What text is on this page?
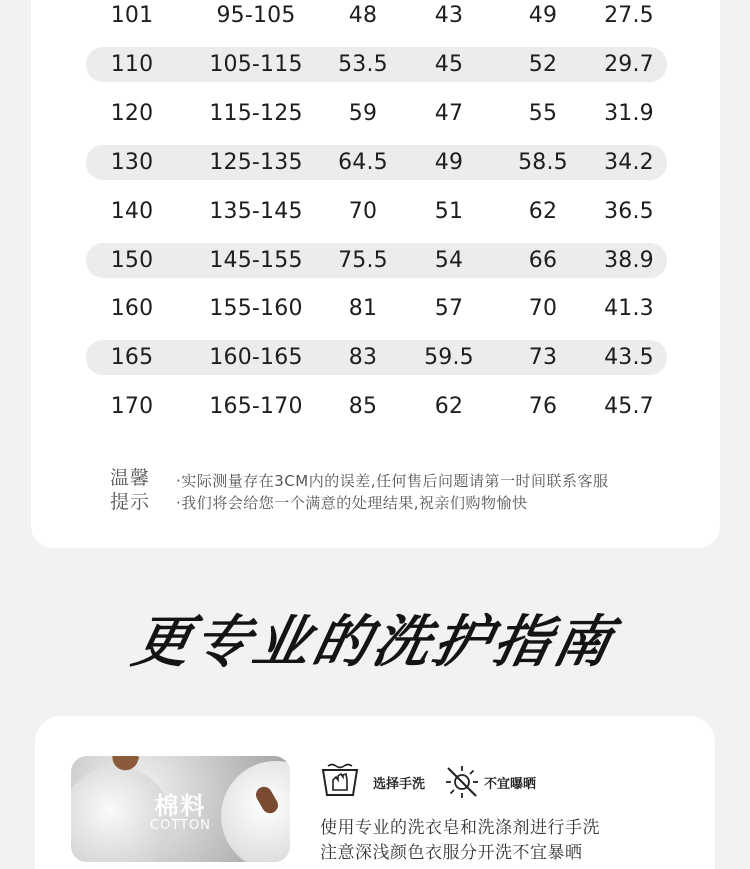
101	95-105	48	43	49	27.5
110	105-115	53.5	45	52	29.7
120	115-125	59	47	55	31.9
130	125-135	64.5	49	58.5	34.2
140	135-145	70	51	62	36.5
150	145-155	75.5	54	66	38.9
160	155-160	81	57	70	41.3
165	160-165	83	59.5	73	43.5
170	165-170	85	62	76	45.7
温馨
提示
·实际测量存在3CM内的误差,任何售后问题请第一时间联系客服
·我们将会给您一个满意的处理结果,祝亲们购物愉快
更专业的洗护指南
棉料
COTTON
选择手洗	不宜曝晒
使用专业的洗衣皂和洗涤剂进行手洗
注意深浅颜色衣服分开洗不宜暴晒
